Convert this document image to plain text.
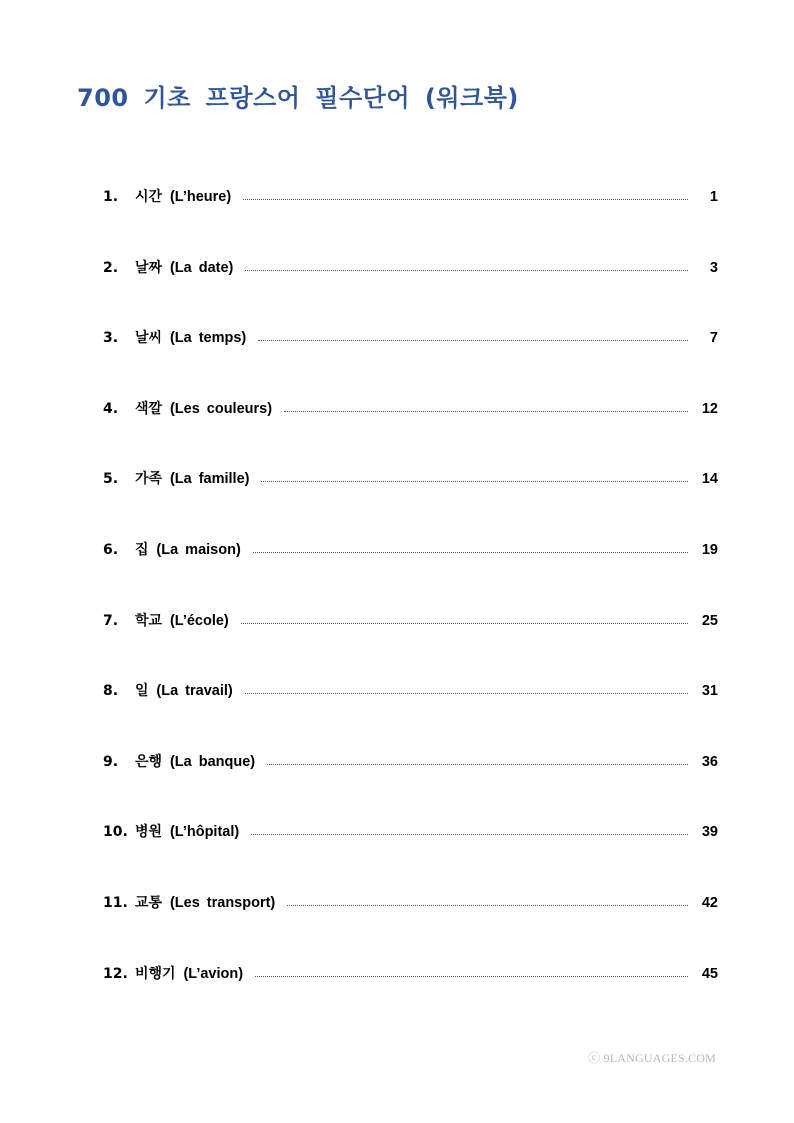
700 기초 프랑스어 필수단어 (워크북)
1.	시간 (L’heure)	1
2.	날짜 (La date)	3
3.	날씨 (La temps)	7
4.	색깔 (Les couleurs)	12
5.	가족 (La famille)	14
6.	집 (La maison)	19
7.	학교 (L’école)	25
8.	일 (La travail)	31
9.	은행 (La banque)	36
10. 병원 (L’hôpital)	39
11. 교통 (Les transport)	42
12. 비행기 (L’avion)	45
ⓒ 9LANGUAGES.COM
